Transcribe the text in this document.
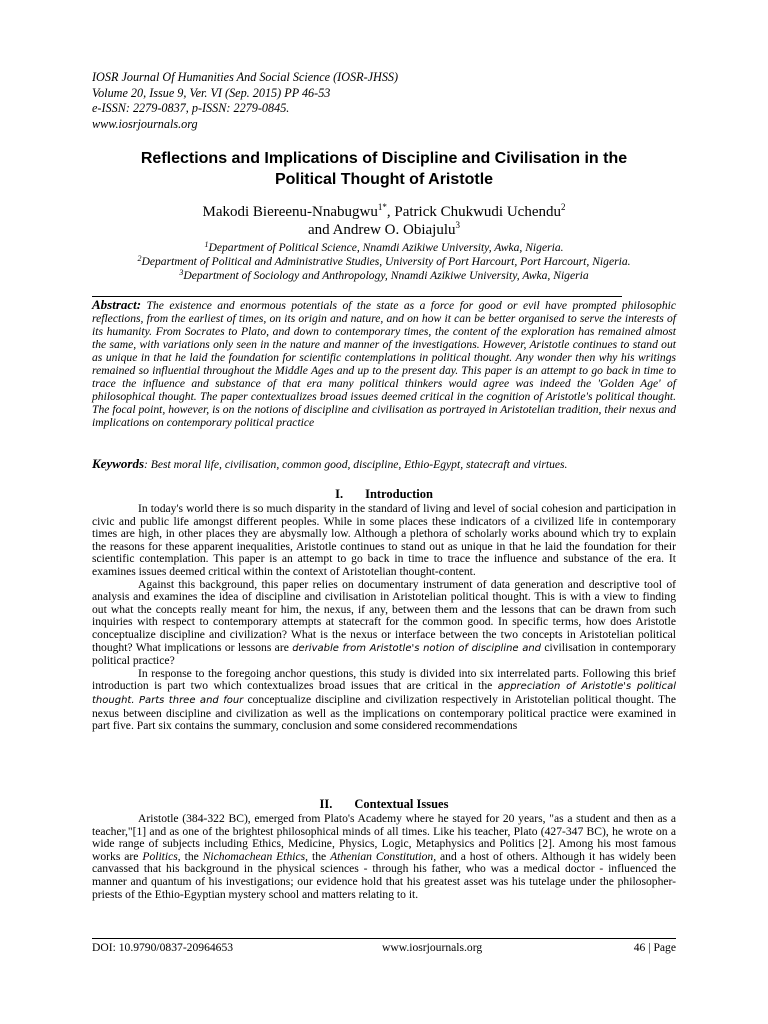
IOSR Journal Of Humanities And Social Science (IOSR-JHSS)
Volume 20, Issue 9, Ver. VI (Sep. 2015) PP 46-53
e-ISSN: 2279-0837, p-ISSN: 2279-0845.
www.iosrjournals.org
Reflections and Implications of Discipline and Civilisation in the
Political Thought of Aristotle
Makodi Biereenu-Nnabugwu$^{1*}$, Patrick Chukwudi Uchendu$^2$
and Andrew O. Obiajulu$^3$
$^1$Department of Political Science, Nnamdi Azikiwe University, Awka, Nigeria.
$^2$Department of Political and Administrative Studies, University of Port Harcourt, Port Harcourt, Nigeria.
$^3$Department of Sociology and Anthropology, Nnamdi Azikiwe University, Awka, Nigeria
Abstract: The existence and enormous potentials of the state as a force for good or evil have prompted philosophic reflections, from the earliest of times, on its origin and nature, and on how it can be better organised to serve the interests of its humanity. From Socrates to Plato, and down to contemporary times, the content of the exploration has remained almost the same, with variations only seen in the nature and manner of the investigations. However, Aristotle continues to stand out as unique in that he laid the foundation for scientific contemplations in political thought. Any wonder then why his writings remained so influential throughout the Middle Ages and up to the present day. This paper is an attempt to go back in time to trace the influence and substance of that era many political thinkers would agree was indeed the 'Golden Age' of philosophical thought. The paper contextualizes broad issues deemed critical in the cognition of Aristotle's political thought. The focal point, however, is on the notions of discipline and civilisation as portrayed in Aristotelian tradition, their nexus and implications on contemporary political practice
Keywords: Best moral life, civilisation, common good, discipline, Ethio-Egypt, statecraft and virtues.
I. Introduction

In today's world there is so much disparity in the standard of living and level of social cohesion and participation in civic and public life amongst different peoples. While in some places these indicators of a civilized life in contemporary times are high, in other places they are abysmally low. Although a plethora of scholarly works abound which try to explain the reasons for these apparent inequalities, Aristotle continues to stand out as unique in that he laid the foundation for their scientific contemplation. This paper is an attempt to go back in time to trace the influence and substance of the era. It examines issues deemed critical within the context of Aristotelian thought-content.

Against this background, this paper relies on documentary instrument of data generation and descriptive tool of analysis and examines the idea of discipline and civilisation in Aristotelian political thought. This is with a view to finding out what the concepts really meant for him, the nexus, if any, between them and the lessons that can be drawn from such inquiries with respect to contemporary attempts at statecraft for the common good. In specific terms, how does Aristotle conceptualize discipline and civilization? What is the nexus or interface between the two concepts in Aristotelian political thought? What implications or lessons are derivable from Aristotle's notion of discipline and civilisation in contemporary political practice?

In response to the foregoing anchor questions, this study is divided into six interrelated parts. Following this brief introduction is part two which contextualizes broad issues that are critical in the appreciation of Aristotle's political thought. Parts three and four conceptualize discipline and civilization respectively in Aristotelian political thought. The nexus between discipline and civilization as well as the implications on contemporary political practice were examined in part five. Part six contains the summary, conclusion and some considered recommendations

II. Contextual Issues

Aristotle (384-322 BC), emerged from Plato's Academy where he stayed for 20 years, "as a student and then as a teacher,"[1] and as one of the brightest philosophical minds of all times. Like his teacher, Plato (427-347 BC), he wrote on a wide range of subjects including Ethics, Medicine, Physics, Logic, Metaphysics and Politics [2]. Among his most famous works are Politics, the Nichomachean Ethics, the Athenian Constitution, and a host of others. Although it has widely been canvassed that his background in the physical sciences - through his father, who was a medical doctor - influenced the manner and quantum of his investigations; our evidence hold that his greatest asset was his tutelage under the philosopher-priests of the Ethio-Egyptian mystery school and matters relating to it.

DOI: 10.9790/0837-20964653	www.iosrjournals.org	46 | Page
